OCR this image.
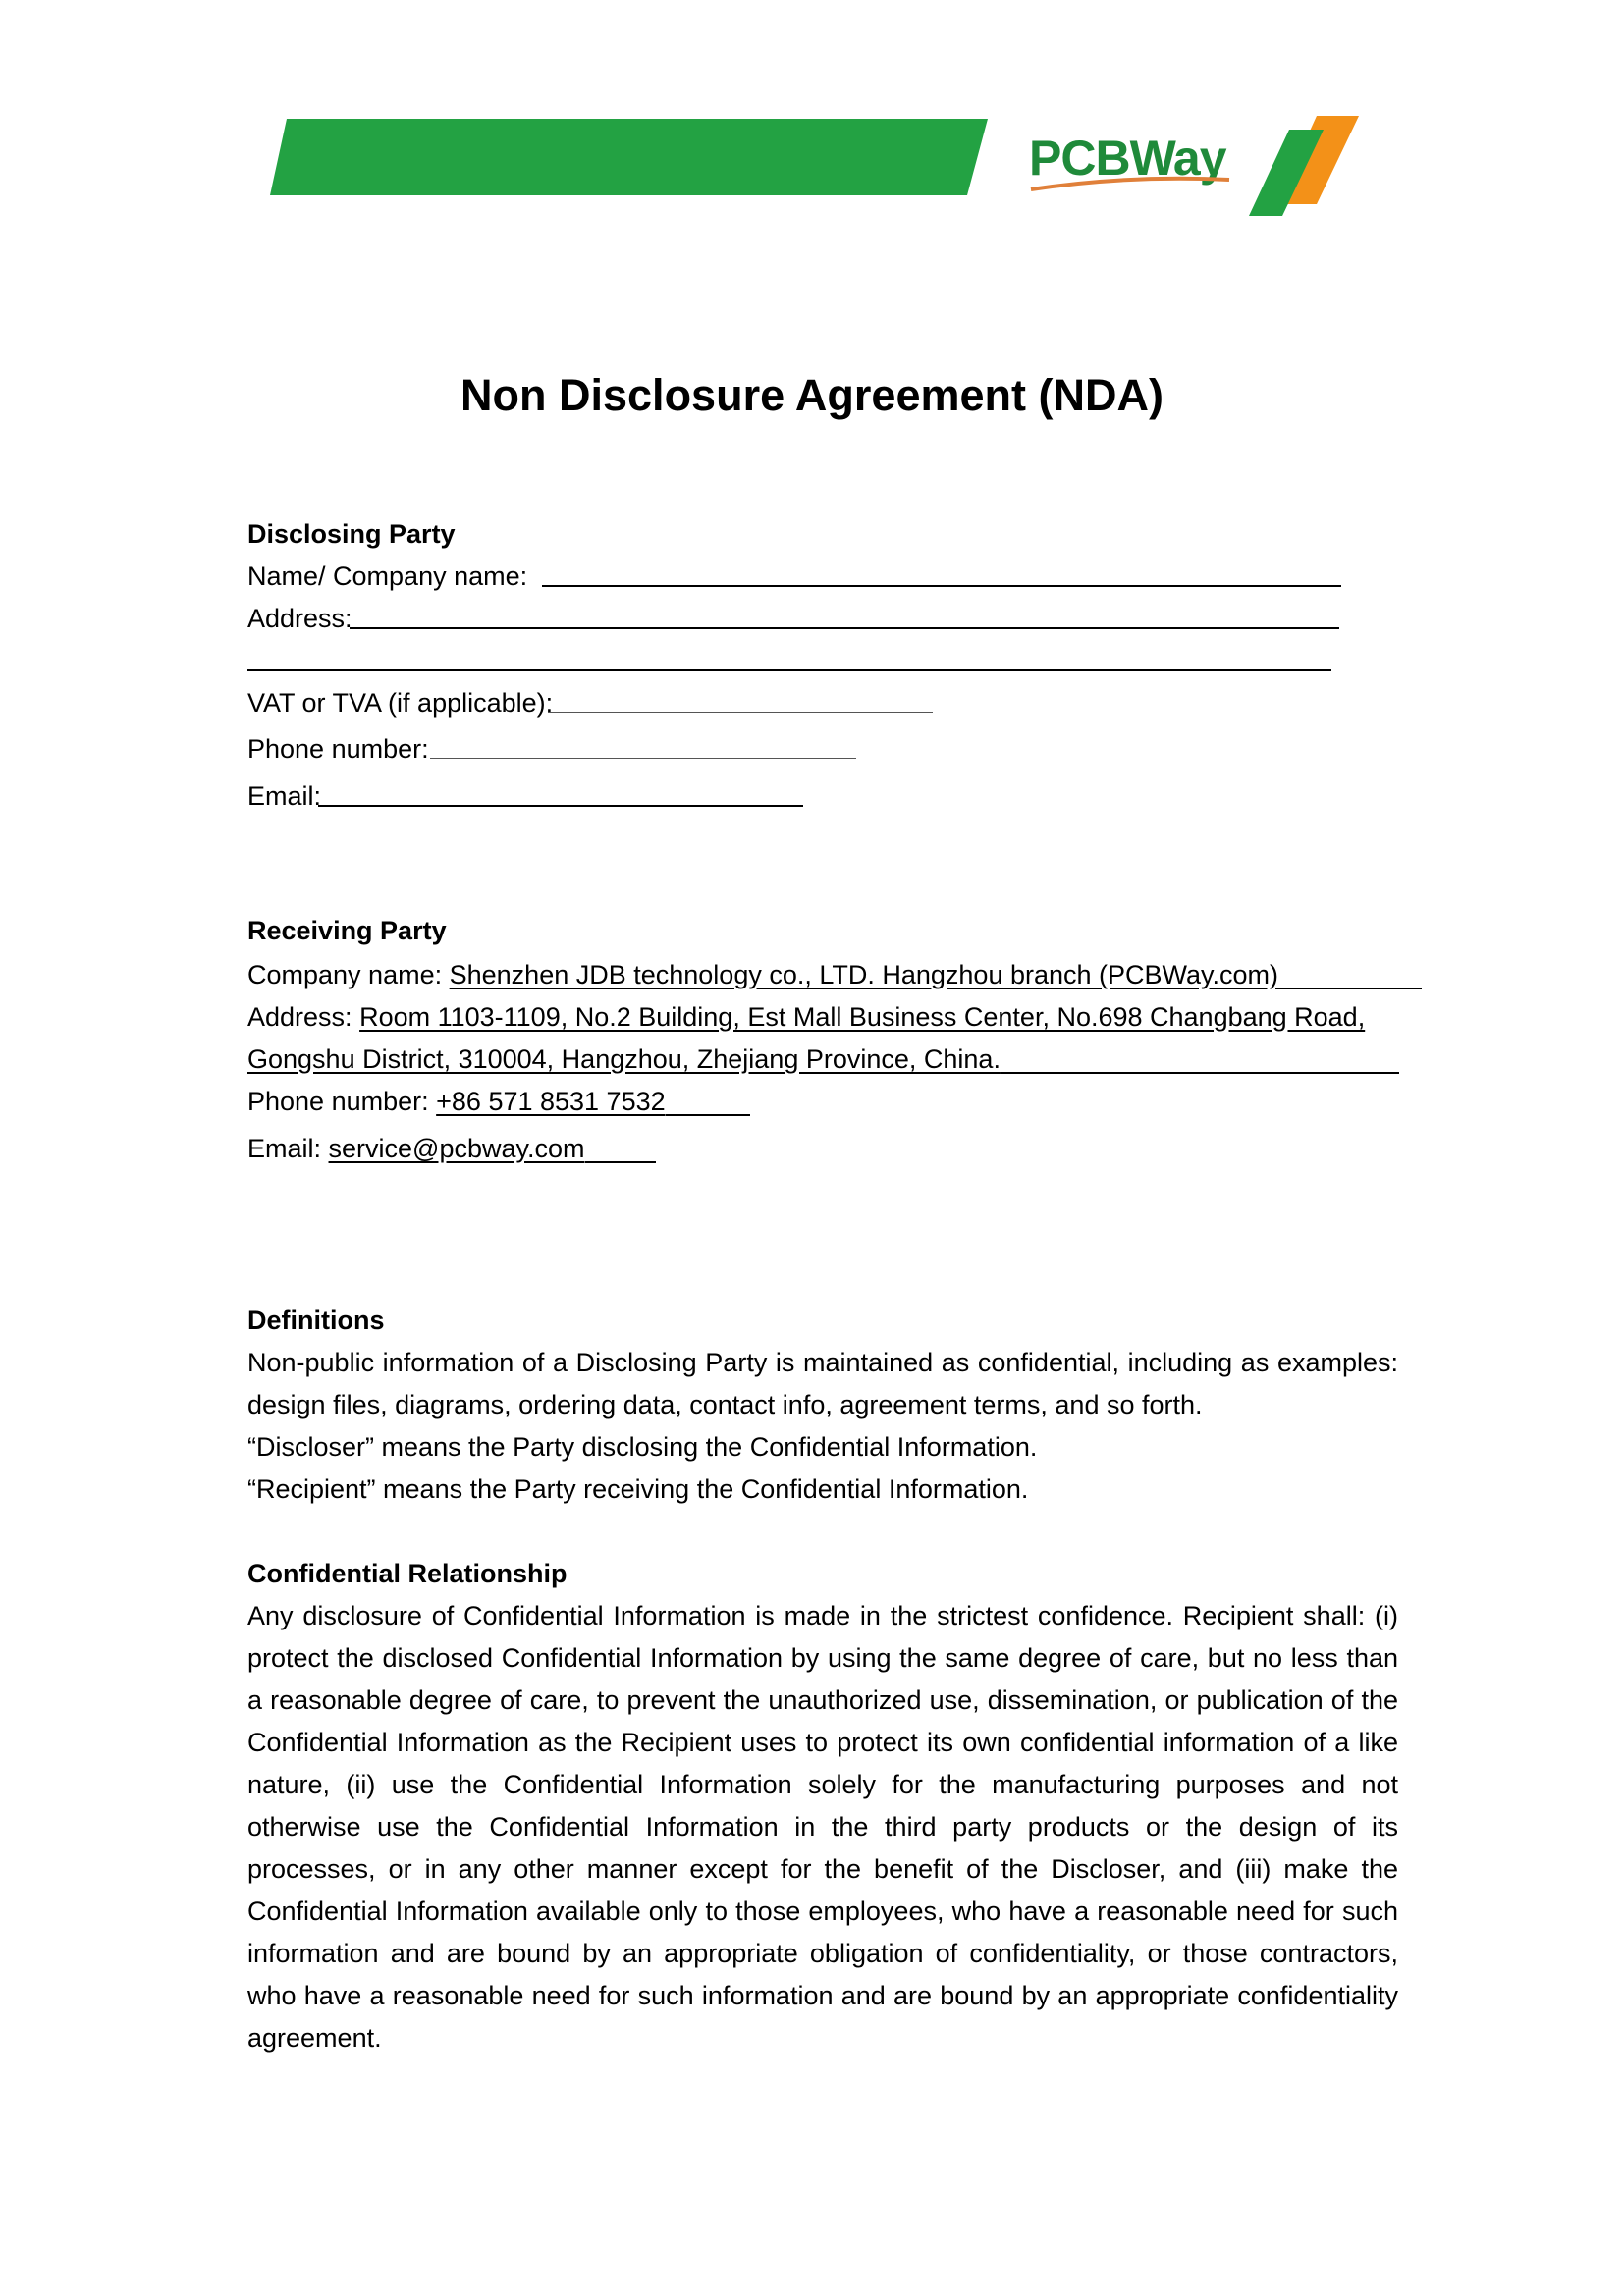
PCBWay
Non Disclosure Agreement (NDA)
Disclosing Party
Name/ Company name:
Address:
VAT or TVA (if applicable):
Phone number:
Email:
Receiving Party
Company name: Shenzhen JDB technology co., LTD. Hangzhou branch (PCBWay.com)
Address: Room 1103-1109, No.2 Building, Est Mall Business Center, No.698 Changbang Road,
Gongshu District, 310004, Hangzhou, Zhejiang Province, China.
Phone number: +86 571 8531 7532
Email: service@pcbway.com
Definitions

Non-public information of a Disclosing Party is maintained as confidential, including as examples: design files, diagrams, ordering data, contact info, agreement terms, and so forth.

“Discloser” means the Party disclosing the Confidential Information.

“Recipient” means the Party receiving the Confidential Information.

Confidential Relationship
Any disclosure of Confidential Information is made in the strictest confidence. Recipient shall: (i) protect the disclosed Confidential Information by using the same degree of care, but no less than a reasonable degree of care, to prevent the unauthorized use, dissemination, or publication of the Confidential Information as the Recipient uses to protect its own confidential information of a like nature, (ii) use the Confidential Information solely for the manufacturing purposes and not otherwise use the Confidential Information in the third party products or the design of its processes, or in any other manner except for the benefit of the Discloser, and (iii) make the Confidential Information available only to those employees, who have a reasonable need for such information and are bound by an appropriate obligation of confidentiality, or those contractors, who have a reasonable need for such information and are bound by an appropriate confidentiality agreement.
